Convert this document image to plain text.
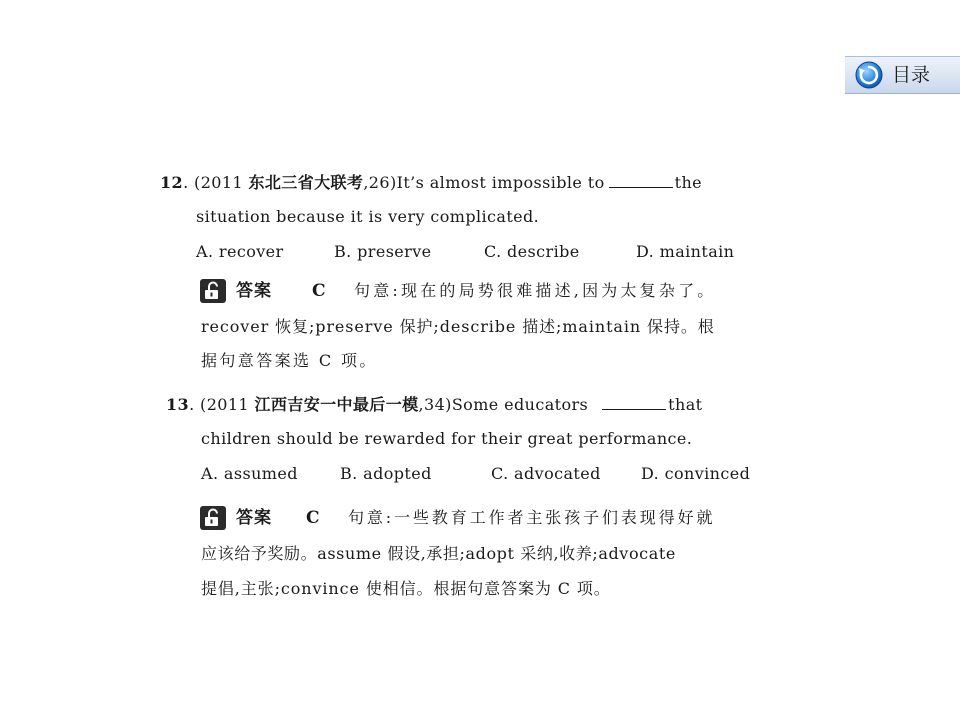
目录
12. (2011 东北三省大联考,26)It’s almost impossible to	the
situation because it is very complicated.
A. recover	B. preserve	C. describe	D. maintain
答案 C 句意:现在的局势很难描述,因为太复杂了。
recover 恢复;preserve 保护;describe 描述;maintain 保持。根
据句意答案选 C 项。
13. (2011 江西吉安一中最后一模,34)Some educators	that
children should be rewarded for their great performance.
A. assumed	B. adopted	C. advocated	D. convinced
答案 C 句意:一些教育工作者主张孩子们表现得好就
应该给予奖励。assume 假设,承担;adopt 采纳,收养;advocate
提倡,主张;convince 使相信。根据句意答案为 C 项。
